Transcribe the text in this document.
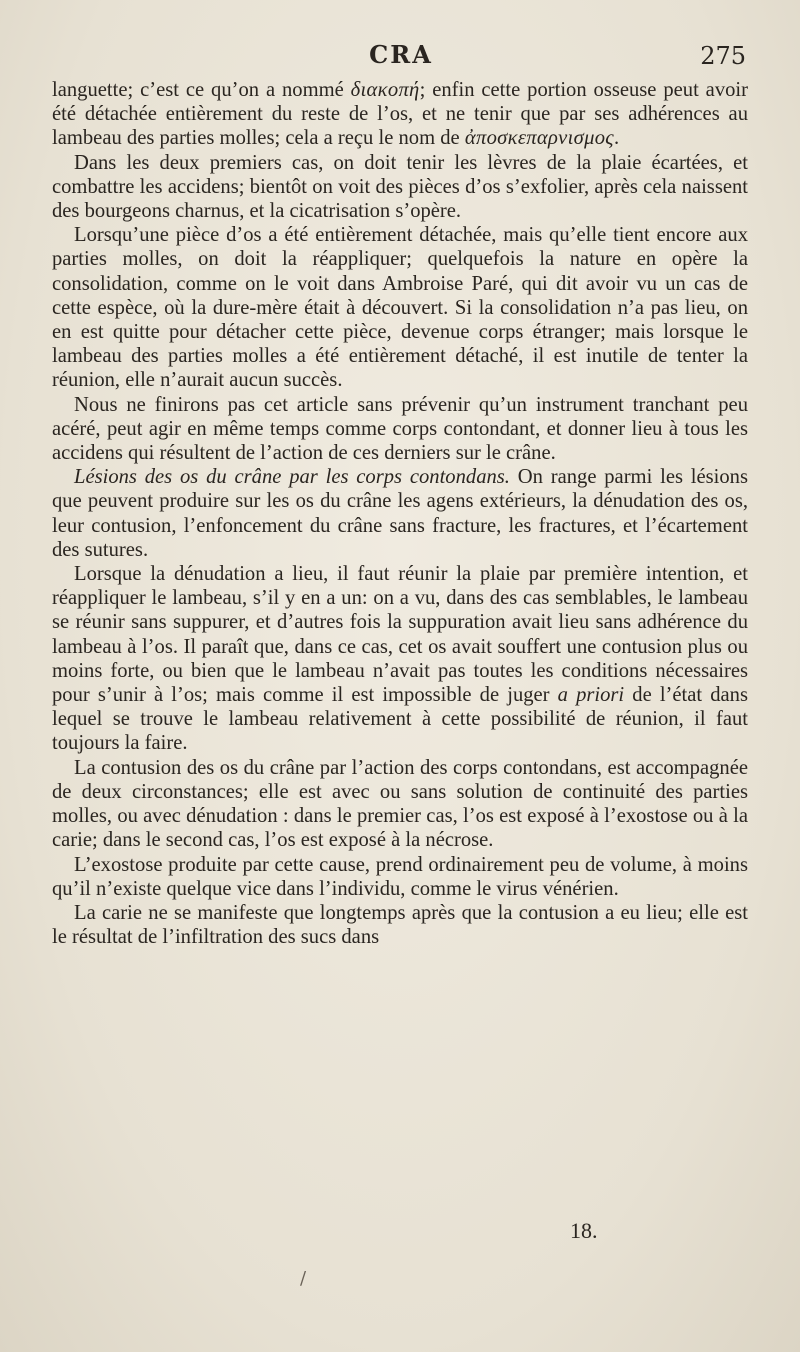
CRA	275

languette; c’est ce qu’on a nommé διακοπή; enfin cette portion osseuse peut avoir été détachée entièrement du reste de l’os, et ne tenir que par ses adhérences au lambeau des parties molles; cela a reçu le nom de ἀποσκεπαρνισμος.

Dans les deux premiers cas, on doit tenir les lèvres de la plaie écartées, et combattre les accidens; bientôt on voit des pièces d’os s’exfolier, après cela naissent des bourgeons charnus, et la cicatrisation s’opère.

Lorsqu’une pièce d’os a été entièrement détachée, mais qu’elle tient encore aux parties molles, on doit la réappliquer; quelquefois la nature en opère la consolidation, comme on le voit dans Ambroise Paré, qui dit avoir vu un cas de cette espèce, où la dure-mère était à découvert. Si la consolidation n’a pas lieu, on en est quitte pour détacher cette pièce, devenue corps étranger; mais lorsque le lambeau des parties molles a été entièrement détaché, il est inutile de tenter la réunion, elle n’aurait aucun succès.

Nous ne finirons pas cet article sans prévenir qu’un instrument tranchant peu acéré, peut agir en même temps comme corps contondant, et donner lieu à tous les accidens qui résultent de l’action de ces derniers sur le crâne.

Lésions des os du crâne par les corps contondans. On range parmi les lésions que peuvent produire sur les os du crâne les agens extérieurs, la dénudation des os, leur contusion, l’enfoncement du crâne sans fracture, les fractures, et l’écartement des sutures.

Lorsque la dénudation a lieu, il faut réunir la plaie par première intention, et réappliquer le lambeau, s’il y en a un: on a vu, dans des cas semblables, le lambeau se réunir sans suppurer, et d’autres fois la suppuration avait lieu sans adhérence du lambeau à l’os. Il paraît que, dans ce cas, cet os avait souffert une contusion plus ou moins forte, ou bien que le lambeau n’avait pas toutes les conditions nécessaires pour s’unir à l’os; mais comme il est impossible de juger a priori de l’état dans lequel se trouve le lambeau relativement à cette possibilité de réunion, il faut toujours la faire.

La contusion des os du crâne par l’action des corps contondans, est accompagnée de deux circonstances; elle est avec ou sans solution de continuité des parties molles, ou avec dénudation : dans le premier cas, l’os est exposé à l’exostose ou à la carie; dans le second cas, l’os est exposé à la nécrose.

L’exostose produite par cette cause, prend ordinairement peu de volume, à moins qu’il n’existe quelque vice dans l’individu, comme le virus vénérien.

La carie ne se manifeste que longtemps après que la contusion a eu lieu; elle est le résultat de l’infiltration des sucs dans

18.
/
